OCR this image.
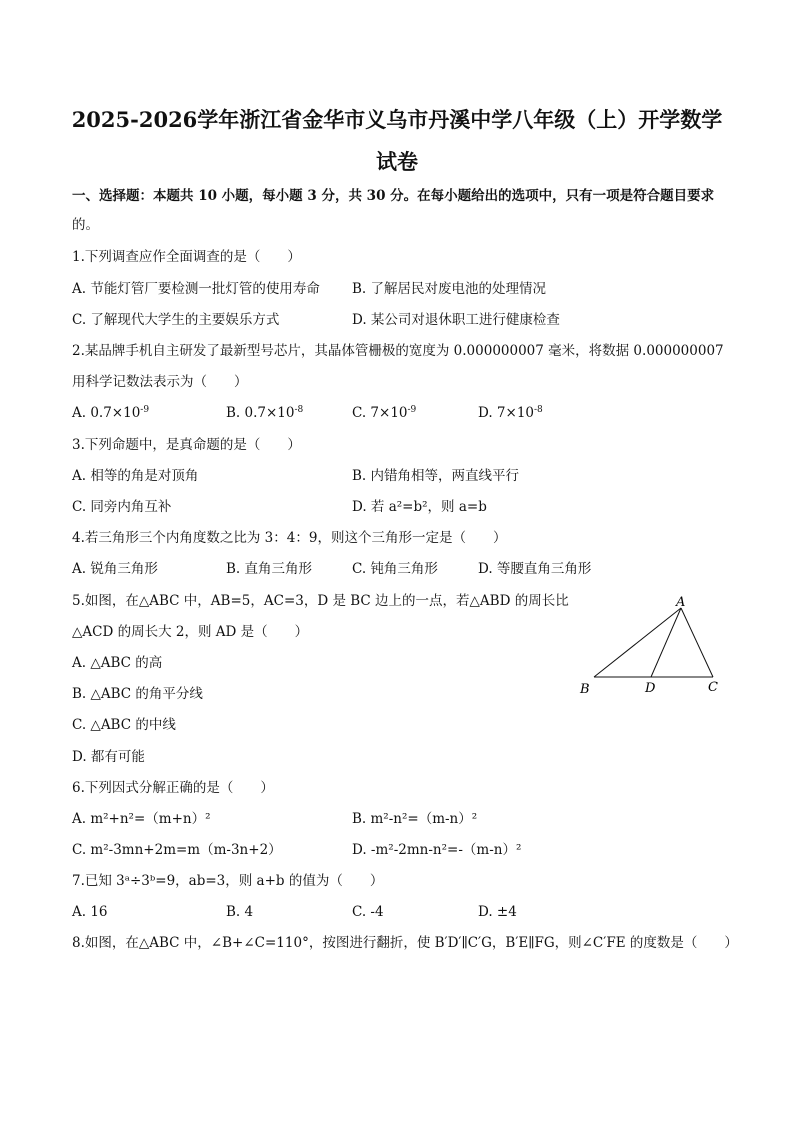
2025-2026学年浙江省金华市义乌市丹溪中学八年级（上）开学数学
试卷
一、选择题：本题共 10 小题，每小题 3 分，共 30 分。在每小题给出的选项中，只有一项是符合题目要求
的。
1.下列调查应作全面调查的是（　　）
A. 节能灯管厂要检测一批灯管的使用寿命 B. 了解居民对废电池的处理情况
C. 了解现代大学生的主要娱乐方式	D. 某公司对退休职工进行健康检查
2.某品牌手机自主研发了最新型号芯片，其晶体管栅极的宽度为 0.000000007 毫米，将数据 0.000000007
用科学记数法表示为（　　）
A. $0.7\times 10^{-9}$	B. $0.7\times 10^{-8}$	C. $7\times 10^{-9}$	D. $7\times 10^{-8}$
3.下列命题中，是真命题的是（　　）
A. 相等的角是对顶角	B. 内错角相等，两直线平行
C. 同旁内角互补	D. 若 a²=b²，则 a=b
4.若三角形三个内角度数之比为 3：4：9，则这个三角形一定是（　　）
A. 锐角三角形	B. 直角三角形	C. 钝角三角形	D. 等腰直角三角形
5.如图，在△ABC 中，AB=5，AC=3，D 是 BC 边上的一点，若△ABD 的周长比
△ACD 的周长大 2，则 AD 是（　　）
A. △ABC 的高
B. △ABC 的角平分线
C. △ABC 的中线
D. 都有可能
A
B	D	C
6.下列因式分解正确的是（　　）
A. m²+n²=（m+n）²	B. m²-n²=（m-n）²
C. m²-3mn+2m=m（m-3n+2）	D. -m²-2mn-n²=-（m-n）²
7.已知 3ᵃ÷3ᵇ=9，ab=3，则 a+b 的值为（　　）
A. 16	B. 4	C. -4	D. ±4
8.如图，在△ABC 中，∠B+∠C=110°，按图进行翻折，使 B′D′∥C′G，B′E∥FG，则∠C′FE 的度数是（　　）
